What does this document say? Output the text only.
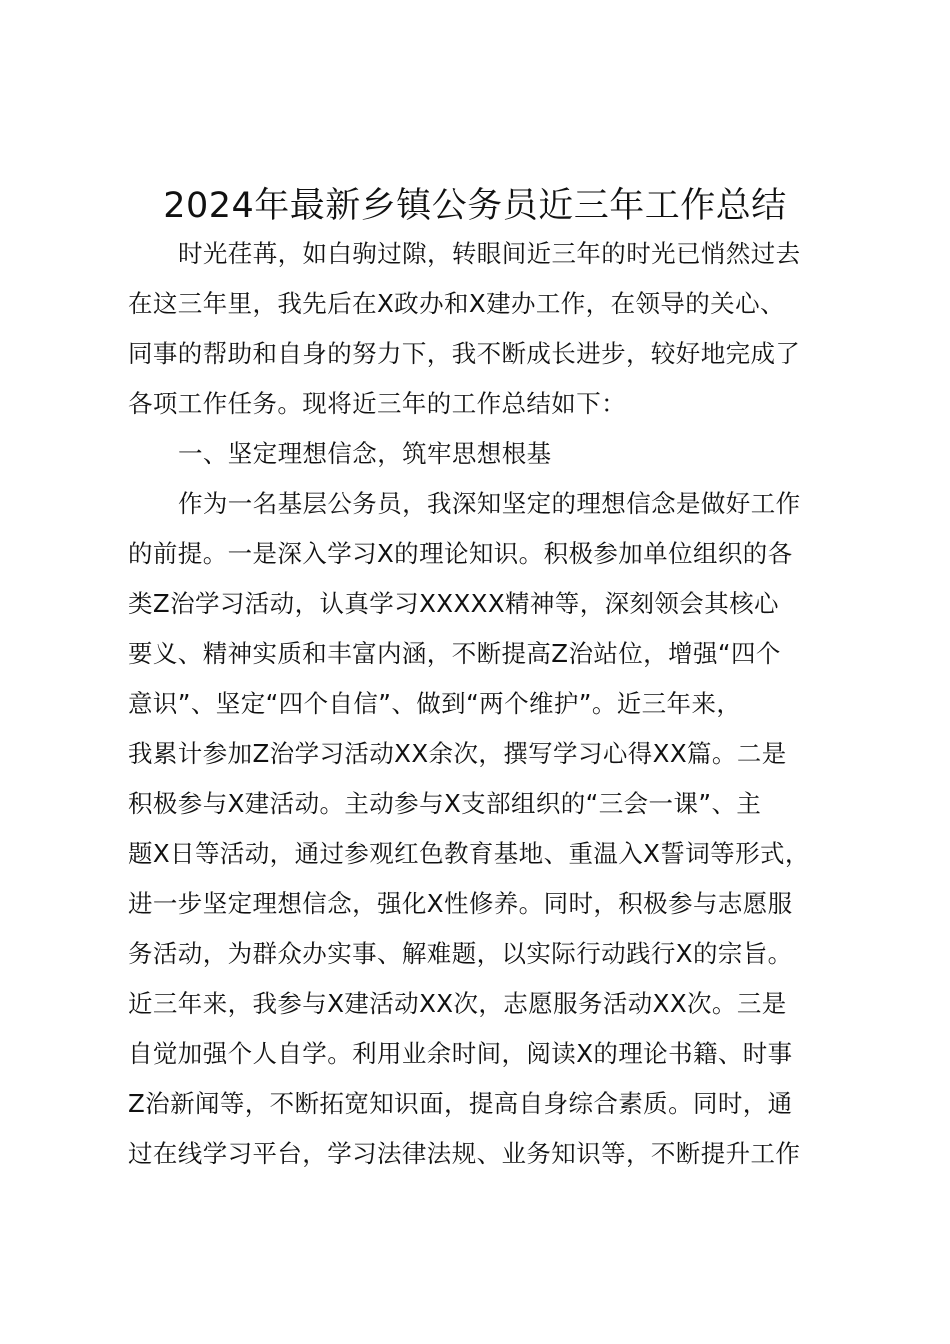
2024年最新乡镇公务员近三年工作总结
时光荏苒，如白驹过隙，转眼间近三年的时光已悄然过去
在这三年里，我先后在X政办和X建办工作，在领导的关心、
同事的帮助和自身的努力下，我不断成长进步，较好地完成了
各项工作任务。现将近三年的工作总结如下：
一、坚定理想信念，筑牢思想根基
作为一名基层公务员，我深知坚定的理想信念是做好工作
的前提。一是深入学习X的理论知识。积极参加单位组织的各
类Z治学习活动，认真学习XXXXX精神等，深刻领会其核心
要义、精神实质和丰富内涵，不断提高Z治站位，增强“四个
意识”、坚定“四个自信”、做到“两个维护”。近三年来，
我累计参加Z治学习活动XX余次，撰写学习心得XX篇。二是
积极参与X建活动。主动参与X支部组织的“三会一课”、主
题X日等活动，通过参观红色教育基地、重温入X誓词等形式，
进一步坚定理想信念，强化X性修养。同时，积极参与志愿服
务活动，为群众办实事、解难题，以实际行动践行X的宗旨。
近三年来，我参与X建活动XX次，志愿服务活动XX次。三是
自觉加强个人自学。利用业余时间，阅读X的理论书籍、时事
Z治新闻等，不断拓宽知识面，提高自身综合素质。同时，通
过在线学习平台，学习法律法规、业务知识等，不断提升工作
